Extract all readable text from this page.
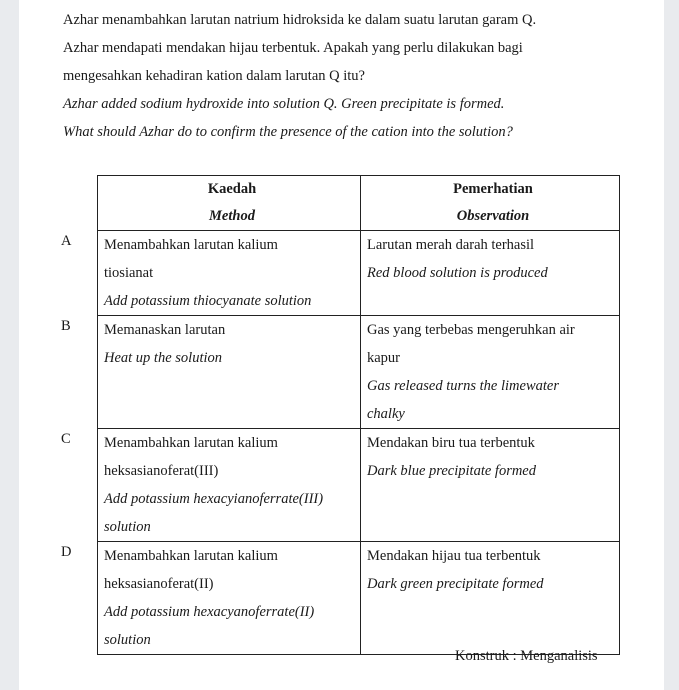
Azhar menambahkan larutan natrium hidroksida ke dalam suatu larutan garam Q.
Azhar mendapati mendakan hijau terbentuk. Apakah yang perlu dilakukan bagi
mengesahkan kehadiran kation dalam larutan Q itu?
Azhar added sodium hydroxide into solution Q. Green precipitate is formed.
What should Azhar do to confirm the presence of the cation into the solution?

	Kaedah
Method	Pemerhatian
Observation

A	Menambahkan larutan kalium
tiosianat
Add potassium thiocyanate solution	Larutan merah darah terhasil
Red blood solution is produced

B	Memanaskan larutan
Heat up the solution	Gas yang terbebas mengeruhkan air
kapur
Gas released turns the limewater
chalky

C	Menambahkan larutan kalium
heksasianoferat(III)
Add potassium hexacyianoferrate(III)
solution	Mendakan biru tua terbentuk
Dark blue precipitate formed

D	Menambahkan larutan kalium
heksasianoferat(II)
Add potassium hexacyanoferrate(II)
solution	Mendakan hijau tua terbentuk
Dark green precipitate formed
Konstruk : Menganalisis
